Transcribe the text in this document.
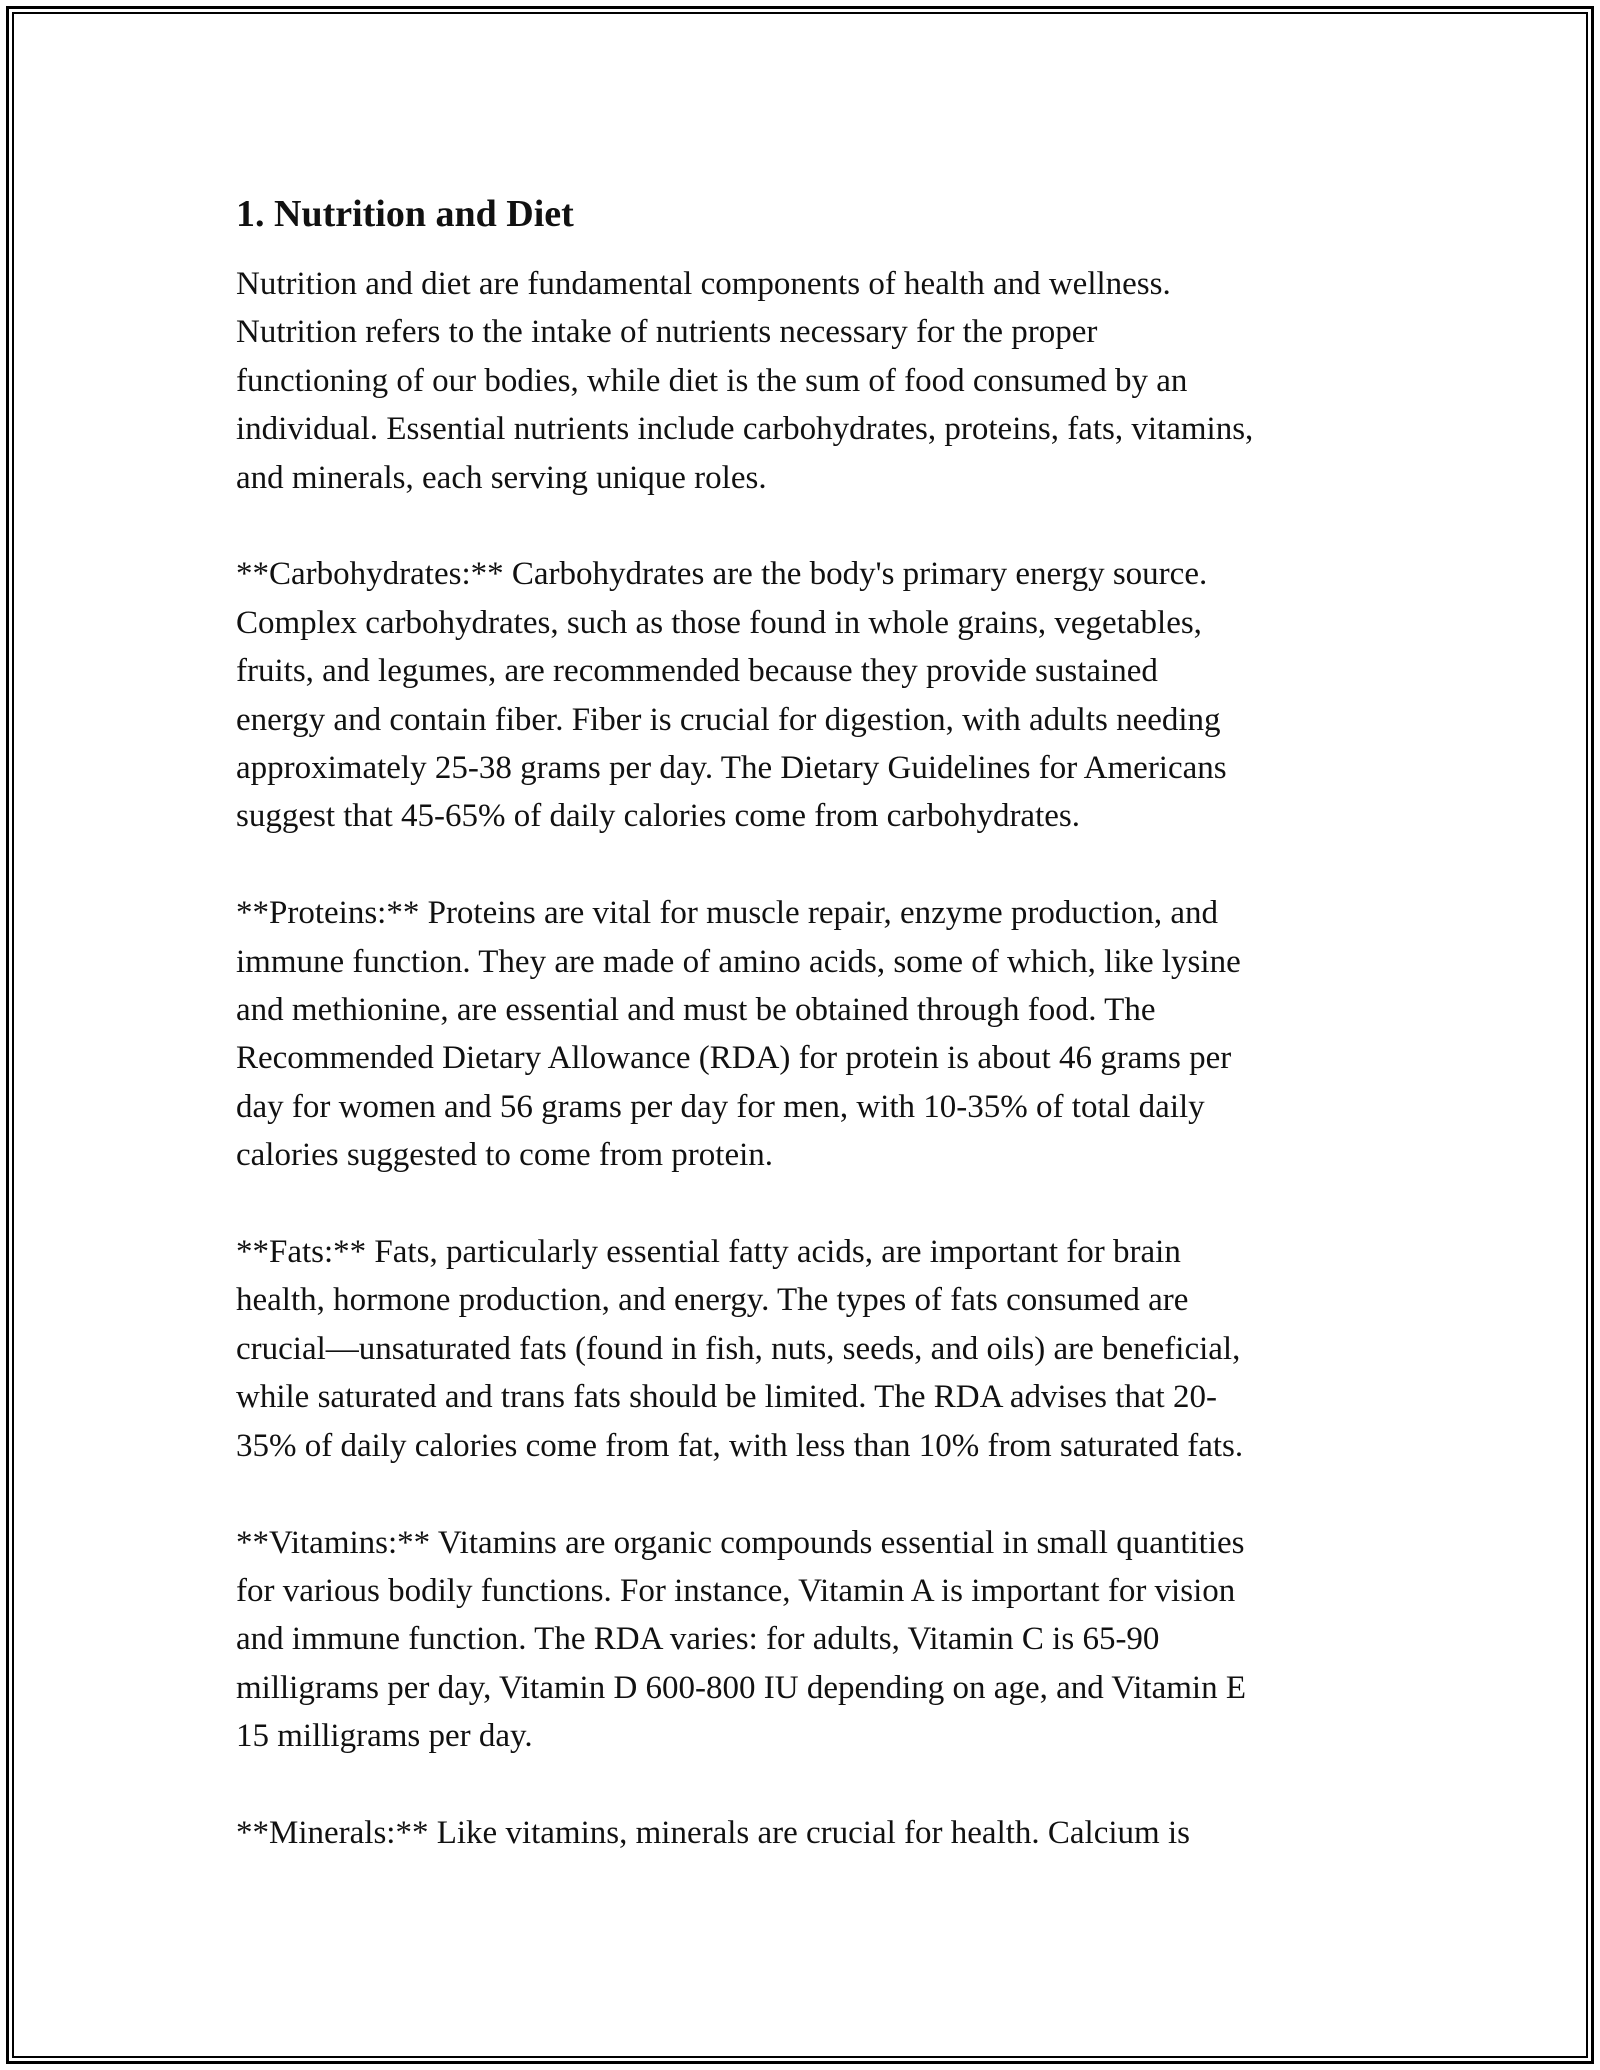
1. Nutrition and Diet
Nutrition and diet are fundamental components of health and wellness.
Nutrition refers to the intake of nutrients necessary for the proper
functioning of our bodies, while diet is the sum of food consumed by an
individual. Essential nutrients include carbohydrates, proteins, fats, vitamins,
and minerals, each serving unique roles.
**Carbohydrates:** Carbohydrates are the body's primary energy source.
Complex carbohydrates, such as those found in whole grains, vegetables,
fruits, and legumes, are recommended because they provide sustained
energy and contain fiber. Fiber is crucial for digestion, with adults needing
approximately 25-38 grams per day. The Dietary Guidelines for Americans
suggest that 45-65% of daily calories come from carbohydrates.
**Proteins:** Proteins are vital for muscle repair, enzyme production, and
immune function. They are made of amino acids, some of which, like lysine
and methionine, are essential and must be obtained through food. The
Recommended Dietary Allowance (RDA) for protein is about 46 grams per
day for women and 56 grams per day for men, with 10-35% of total daily
calories suggested to come from protein.
**Fats:** Fats, particularly essential fatty acids, are important for brain
health, hormone production, and energy. The types of fats consumed are
crucial—unsaturated fats (found in fish, nuts, seeds, and oils) are beneficial,
while saturated and trans fats should be limited. The RDA advises that 20-
35% of daily calories come from fat, with less than 10% from saturated fats.
**Vitamins:** Vitamins are organic compounds essential in small quantities
for various bodily functions. For instance, Vitamin A is important for vision
and immune function. The RDA varies: for adults, Vitamin C is 65-90
milligrams per day, Vitamin D 600-800 IU depending on age, and Vitamin E
15 milligrams per day.
**Minerals:** Like vitamins, minerals are crucial for health. Calcium is
